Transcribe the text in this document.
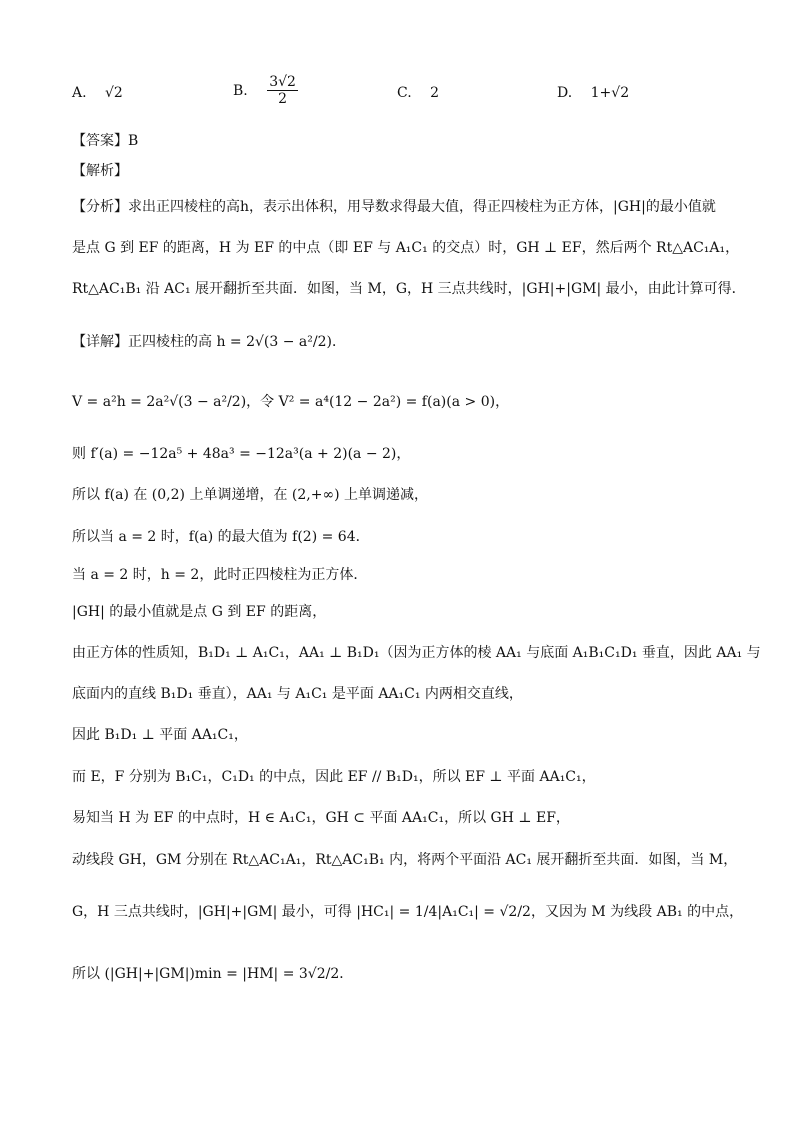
A. √2	B. $\frac{3√2}{2}$	C. 2	D. 1+√2
【答案】B
【解析】
【分析】求出正四棱柱的高h，表示出体积，用导数求得最大值，得正四棱柱为正方体，|GH|的最小值就
是点 G 到 EF 的距离，H 为 EF 的中点（即 EF 与 A₁C₁ 的交点）时，GH ⊥ EF，然后两个 Rt△AC₁A₁，
Rt△AC₁B₁ 沿 AC₁ 展开翻折至共面．如图，当 M，G，H 三点共线时，|GH|+|GM| 最小，由此计算可得．
【详解】正四棱柱的高 h = 2√(3 − a²/2)．
V = a²h = 2a²√(3 − a²/2)，令 V² = a⁴(12 − 2a²) = f(a)(a > 0)，
则 f′(a) = −12a⁵ + 48a³ = −12a³(a + 2)(a − 2)，
所以 f(a) 在 (0,2) 上单调递增，在 (2,+∞) 上单调递减，
所以当 a = 2 时，f(a) 的最大值为 f(2) = 64．
当 a = 2 时，h = 2，此时正四棱柱为正方体．
|GH| 的最小值就是点 G 到 EF 的距离，
由正方体的性质知，B₁D₁ ⊥ A₁C₁，AA₁ ⊥ B₁D₁（因为正方体的棱 AA₁ 与底面 A₁B₁C₁D₁ 垂直，因此 AA₁ 与
底面内的直线 B₁D₁ 垂直），AA₁ 与 A₁C₁ 是平面 AA₁C₁ 内两相交直线，
因此 B₁D₁ ⊥ 平面 AA₁C₁，
而 E，F 分别为 B₁C₁，C₁D₁ 的中点，因此 EF // B₁D₁，所以 EF ⊥ 平面 AA₁C₁，
易知当 H 为 EF 的中点时，H ∈ A₁C₁，GH ⊂ 平面 AA₁C₁，所以 GH ⊥ EF，
动线段 GH，GM 分别在 Rt△AC₁A₁，Rt△AC₁B₁ 内，将两个平面沿 AC₁ 展开翻折至共面．如图，当 M，
G，H 三点共线时，|GH|+|GM| 最小，可得 |HC₁| = 1/4|A₁C₁| = √2/2，又因为 M 为线段 AB₁ 的中点，
所以 (|GH|+|GM|)min = |HM| = 3√2/2．
